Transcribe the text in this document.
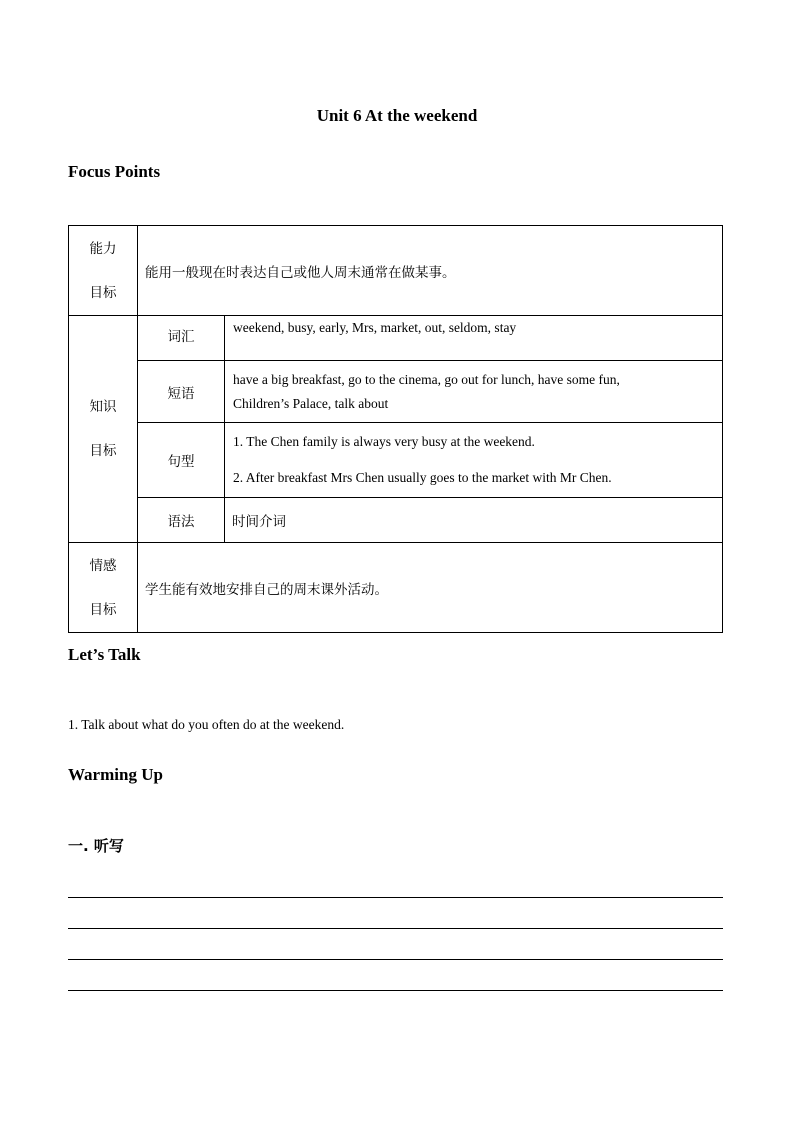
Unit 6 At the weekend
Focus Points
能力
目标	能用一般现在时表达自己或他人周末通常在做某事。	

知识
目标	词汇	weekend, busy, early, Mrs, market, out, seldom, stay
	短语	have a big breakfast, go to the cinema, go out for lunch, have some fun,
Children’s Palace, talk about

	句型	1. The Chen family is always very busy at the weekend.
2. After breakfast Mrs Chen usually goes to the market with Mr Chen.

	语法	时间介词

情感
目标	学生能有效地安排自己的周末课外活动。	
Let’s Talk
1. Talk about what do you often do at the weekend.
Warming Up
一. 听写
